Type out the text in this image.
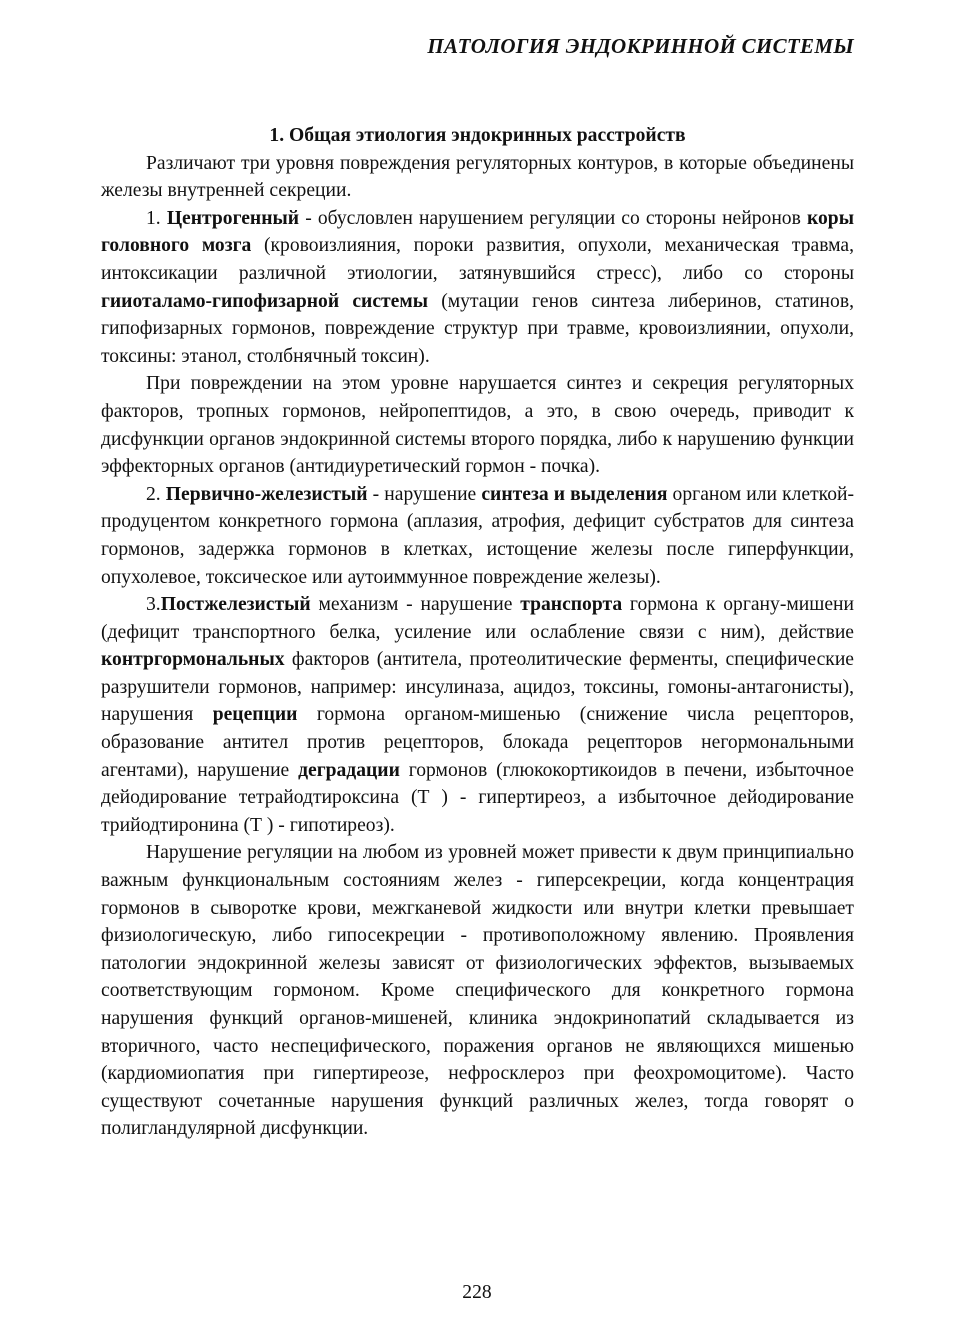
ПАТОЛОГИЯ ЭНДОКРИННОЙ СИСТЕМЫ
1. Общая этиология эндокринных расстройств

Различают три уровня повреждения регуляторных контуров, в которые объединены железы внутренней секреции.

1. Центрогенный - обусловлен нарушением регуляции со стороны нейронов коры головного мозга (кровоизлияния, пороки развития, опухоли, механическая травма, интоксикации различной этиологии, затянувшийся стресс), либо со стороны гииоталамо-гипофизарной системы (мутации генов синтеза либеринов, статинов, гипофизарных гормонов, повреждение структур при травме, кровоизлиянии, опухоли, токсины: этанол, столбнячный токсин).

При повреждении на этом уровне нарушается синтез и секреция регуляторных факторов, тропных гормонов, нейропептидов, а это, в свою очередь, приводит к дисфункции органов эндокринной системы второго порядка, либо к нарушению функции эффекторных органов (антидиуретический гормон - почка).

2. Первично-железистый - нарушение синтеза и выделения органом или клеткой-продуцентом конкретного гормона (аплазия, атрофия, дефицит субстратов для синтеза гормонов, задержка гормонов в клетках, истощение железы после гиперфункции, опухолевое, токсическое или аутоиммунное повреждение железы).

3.Постжелезистый механизм - нарушение транспорта гормона к органу-мишени (дефицит транспортного белка, усиление или ослабление связи с ним), действие контргормональных факторов (антитела, протеолитические ферменты, специфические разрушители гормонов, например: инсулиназа, ацидоз, токсины, гомоны-антагонисты), нарушения рецепции гормона органом-мишенью (снижение числа рецепторов, образование антител против рецепторов, блокада рецепторов негормональными агентами), нарушение деградации гормонов (глюкокортикоидов в печени, избыточное дейодирование тетрайодтироксина (Т ) - гипертиреоз, а избыточное дейодирование трийодтиронина (Т ) - гипотиреоз).

Нарушение регуляции на любом из уровней может привести к двум принципиально важным функциональным состояниям желез - гиперсекреции, когда концентрация гормонов в сыворотке крови, межгканевой жидкости или внутри клетки превышает физиологическую, либо гипосекреции - противоположному явлению. Проявления патологии эндокринной железы зависят от физиологических эффектов, вызываемых соответствующим гормоном. Кроме специфического для конкретного гормона нарушения функций органов-мишеней, клиника эндокринопатий складывается из вторичного, часто неспецифического, поражения органов не являющихся мишенью (кардиомиопатия при гипертиреозе, нефросклероз при феохромоцитоме). Часто существуют сочетанные нарушения функций различных желез, тогда говорят о полигландулярной дисфункции.

228
